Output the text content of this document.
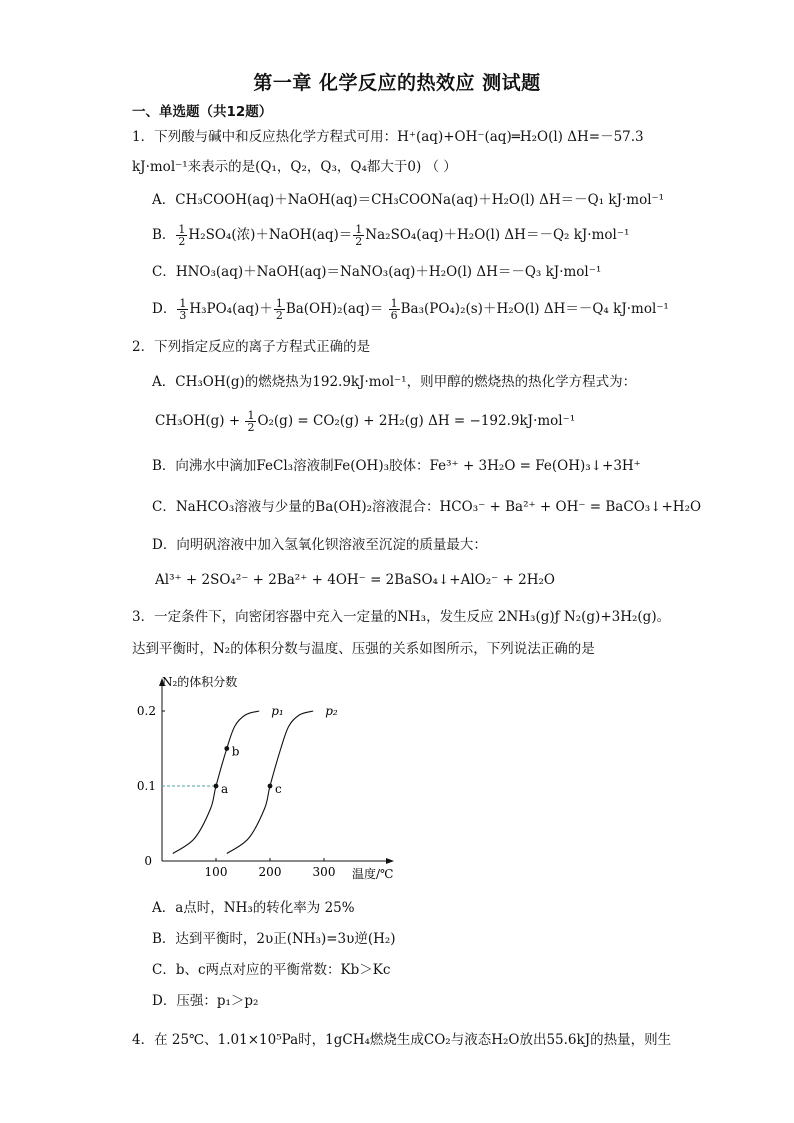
第一章 化学反应的热效应 测试题
一、单选题（共12题）
1．下列酸与碱中和反应热化学方程式可用：H⁺(aq)+OH⁻(aq)═H₂O(l) ΔH=－57.3
kJ·mol⁻¹来表示的是(Q₁，Q₂，Q₃，Q₄都大于0) （ ）
A．CH₃COOH(aq)＋NaOH(aq)＝CH₃COONa(aq)＋H₂O(l) ΔH＝－Q₁ kJ·mol⁻¹
B． $\frac{1}{2} H_2SO_4$(浓)＋NaOH(aq)＝ $\frac{1}{2} Na_2SO_4(aq)+H_2O(l)$ ΔH＝－Q₂ kJ·mol⁻¹
C．HNO₃(aq)＋NaOH(aq)＝NaNO₃(aq)＋H₂O(l) ΔH＝－Q₃ kJ·mol⁻¹
D． $\frac{1}{3} H_3PO_4(aq)+ \frac{1}{2} Ba(OH)_2(aq)= \frac{1}{6} Ba_3(PO_4)_2(s)+H_2O(l)$ ΔH＝－Q₄ kJ·mol⁻¹
2．下列指定反应的离子方程式正确的是
A．CH₃OH(g)的燃烧热为192.9kJ·mol⁻¹，则甲醇的燃烧热的热化学方程式为：
$CH_3OH(g) + \frac{1}{2} O_2(g) = CO_2(g) + 2H_2(g) \Delta H = -192.9kJ\cdot mol^{-1}$
B．向沸水中滴加FeCl₃溶液制Fe(OH)₃胶体：Fe³⁺ + 3H₂O = Fe(OH)₃↓+3H⁺
C．NaHCO₃溶液与少量的Ba(OH)₂溶液混合：HCO₃⁻ + Ba²⁺ + OH⁻ = BaCO₃↓+H₂O
D．向明矾溶液中加入氢氧化钡溶液至沉淀的质量最大：
Al³⁺ + 2SO₄²⁻ + 2Ba²⁺ + 4OH⁻ = 2BaSO₄↓+AlO₂⁻ + 2H₂O
3．一定条件下，向密闭容器中充入一定量的NH₃，发生反应 2NH₃(g)ƒ N₂(g)+3H₂(g)。
达到平衡时，N₂的体积分数与温度、压强的关系如图所示，下列说法正确的是
N₂的体积分数
温度/℃
0
100	200	300
0.2
0.1
p₁	p₂
a
b
c
A．a点时，NH₃的转化率为 25%
B．达到平衡时，2υ正(NH₃)=3υ逆(H₂)
C．b、c两点对应的平衡常数：Kb＞Kc
D．压强：p₁＞p₂
4．在 25℃、1.01×10⁵Pa时，1gCH₄燃烧生成CO₂与液态H₂O放出55.6kJ的热量，则生
